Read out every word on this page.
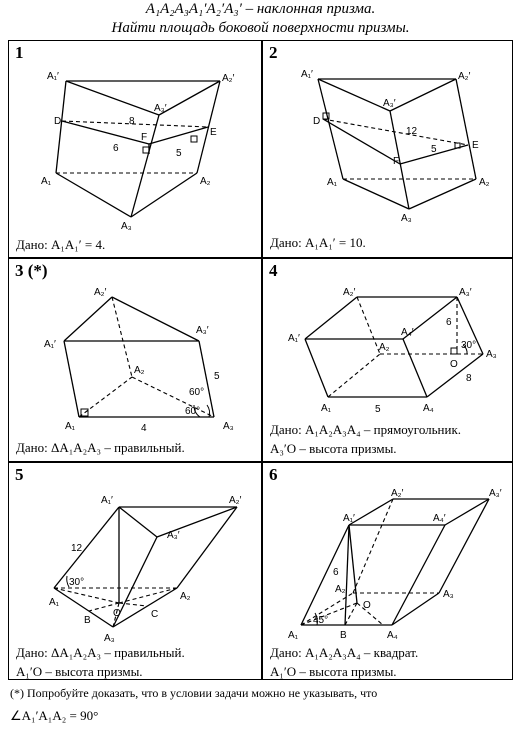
A₁A₂A₃A₁′A₂′A₃′ – наклонная призма.
Найти площадь боковой поверхности призмы.
1
A₁′	A₂′
A₃′
D
F	E
8
6	5
A₁	A₂
A₃
Дано: A₁A₁′ = 4.
2
A₁′	A₂′
A₃′
D
F
E
12
5
A₁	A₂
A₃
Дано: A₁A₁′ = 10.
3 (*)
A₁′
A₂′
A₃′
A₂
A₁	A₃
5
4
60°
60°
Дано: ΔA₁A₂A₃ – правильный.
4
A₁′
A₂′	A₃′
A₄′
A₂
A₃
A₁	A₄
O
6
8
5
30°
Дано: A₁A₂A₃A₄ – прямоугольник.
A₃′O – высота призмы.
5
A₁′	A₂′
A₃′
12
30°
A₁
A₂
A₃
O
B
C
Дано: ΔA₁A₂A₃ – правильный.
A₁′O – высота призмы.
6
A₂′	A₃′
A₁′	A₄′
6
A₂	A₃
O
45°
A₁	B	A₄
Дано: A₁A₂A₃A₄ – квадрат.
A₁′O – высота призмы.
(*) Попробуйте доказать, что в условии задачи можно не указывать, что
∠A₁′A₁A₂ = 90°
